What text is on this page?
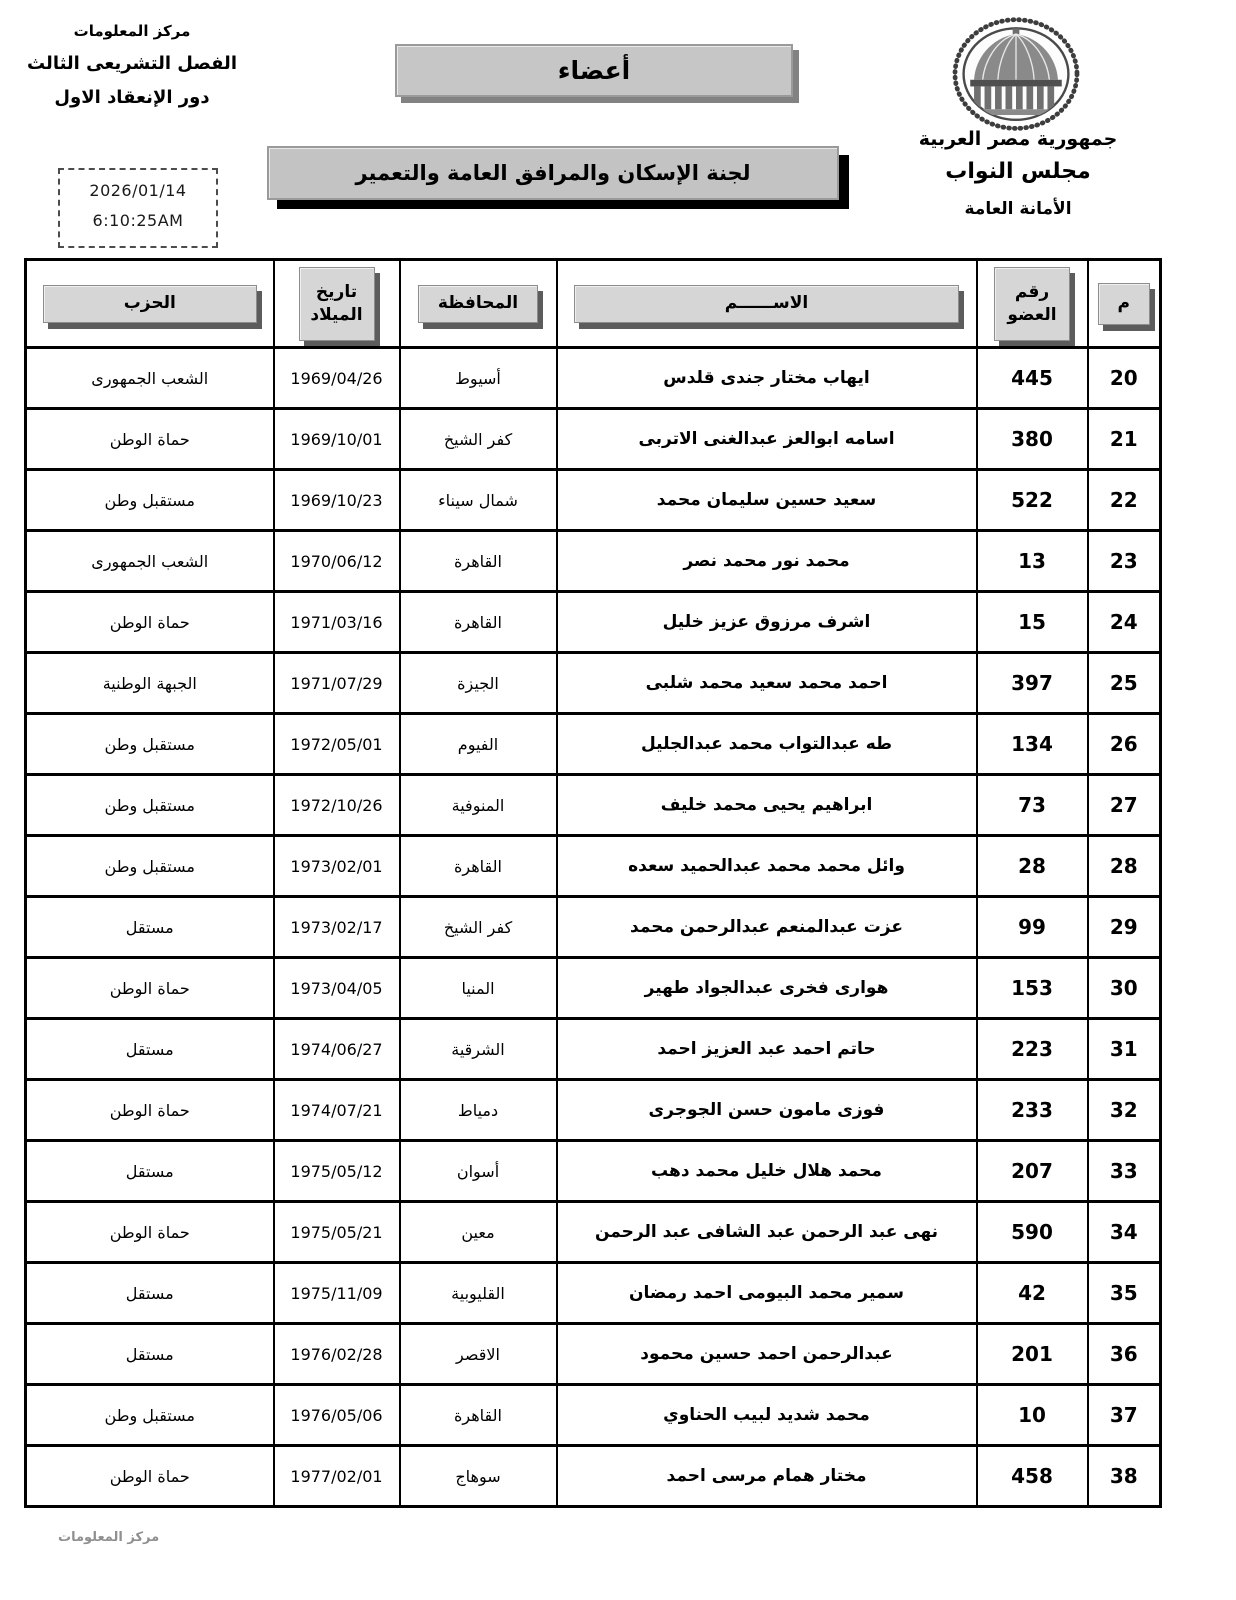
مركز المعلومات
الفصل التشريعى الثالث
دور الإنعقاد الاول
2026/01/14
6:10:25AM
أعضاء
لجنة الإسكان والمرافق العامة والتعمير
جمهورية مصر العربية
مجلس النواب
الأمانة العامة
م	رقم العضو	الاســــــم	المحافظة	تاريخ الميلاد	الحزب
20	445	ايهاب مختار جندى قلدس	أسيوط	1969/04/26	الشعب الجمهورى
21	380	اسامه ابوالعز عبدالغنى الاتربى	كفر الشيخ	1969/10/01	حماة الوطن
22	522	سعيد حسين سليمان محمد	شمال سيناء	1969/10/23	مستقبل وطن
23	13	محمد نور محمد نصر	القاهرة	1970/06/12	الشعب الجمهورى
24	15	اشرف مرزوق عزيز خليل	القاهرة	1971/03/16	حماة الوطن
25	397	احمد محمد سعيد محمد شلبى	الجيزة	1971/07/29	الجبهة الوطنية
26	134	طه عبدالتواب محمد عبدالجليل	الفيوم	1972/05/01	مستقبل وطن
27	73	ابراهيم يحيى محمد خليف	المنوفية	1972/10/26	مستقبل وطن
28	28	وائل محمد محمد عبدالحميد سعده	القاهرة	1973/02/01	مستقبل وطن
29	99	عزت عبدالمنعم عبدالرحمن محمد	كفر الشيخ	1973/02/17	مستقل
30	153	هوارى فخرى عبدالجواد طهير	المنيا	1973/04/05	حماة الوطن
31	223	حاتم احمد عبد العزيز احمد	الشرقية	1974/06/27	مستقل
32	233	فوزى مامون حسن الجوجرى	دمياط	1974/07/21	حماة الوطن
33	207	محمد هلال خليل محمد دهب	أسوان	1975/05/12	مستقل
34	590	نهى عبد الرحمن عبد الشافى عبد الرحمن	معين	1975/05/21	حماة الوطن
35	42	سمير محمد البيومى احمد رمضان	القليوبية	1975/11/09	مستقل
36	201	عبدالرحمن احمد حسين محمود	الاقصر	1976/02/28	مستقل
37	10	محمد شديد لبيب الحناوي	القاهرة	1976/05/06	مستقبل وطن
38	458	مختار همام مرسى احمد	سوهاج	1977/02/01	حماة الوطن
مركز المعلومات
